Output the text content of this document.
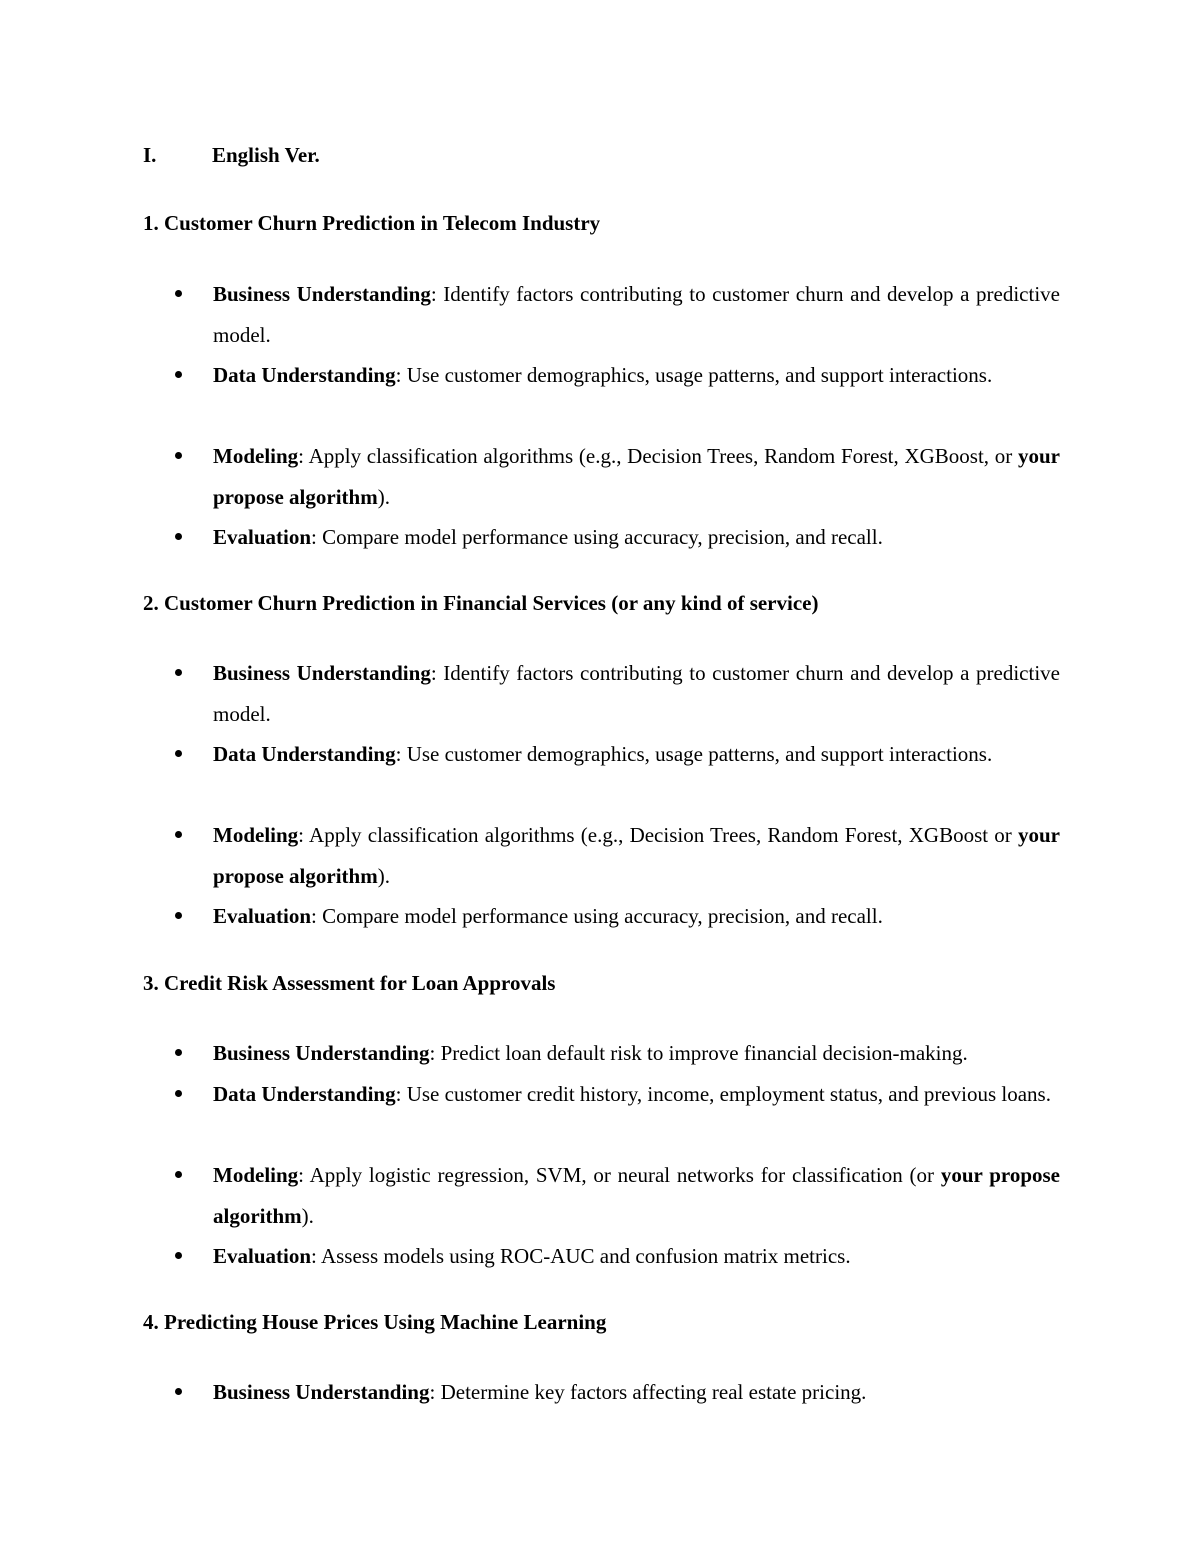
I.	English Ver.
1. Customer Churn Prediction in Telecom Industry

Business Understanding: Identify factors contributing to customer churn and develop a predictive model.

Data Understanding: Use customer demographics, usage patterns, and support interactions.

Modeling: Apply classification algorithms (e.g., Decision Trees, Random Forest, XGBoost, or your propose algorithm).

Evaluation: Compare model performance using accuracy, precision, and recall.

2. Customer Churn Prediction in Financial Services (or any kind of service)

Business Understanding: Identify factors contributing to customer churn and develop a predictive model.

Data Understanding: Use customer demographics, usage patterns, and support interactions.

Modeling: Apply classification algorithms (e.g., Decision Trees, Random Forest, XGBoost or your propose algorithm).

Evaluation: Compare model performance using accuracy, precision, and recall.

3. Credit Risk Assessment for Loan Approvals

Business Understanding: Predict loan default risk to improve financial decision-making.

Data Understanding: Use customer credit history, income, employment status, and previous loans.

Modeling: Apply logistic regression, SVM, or neural networks for classification (or your propose algorithm).

Evaluation: Assess models using ROC-AUC and confusion matrix metrics.

4. Predicting House Prices Using Machine Learning

Business Understanding: Determine key factors affecting real estate pricing.
